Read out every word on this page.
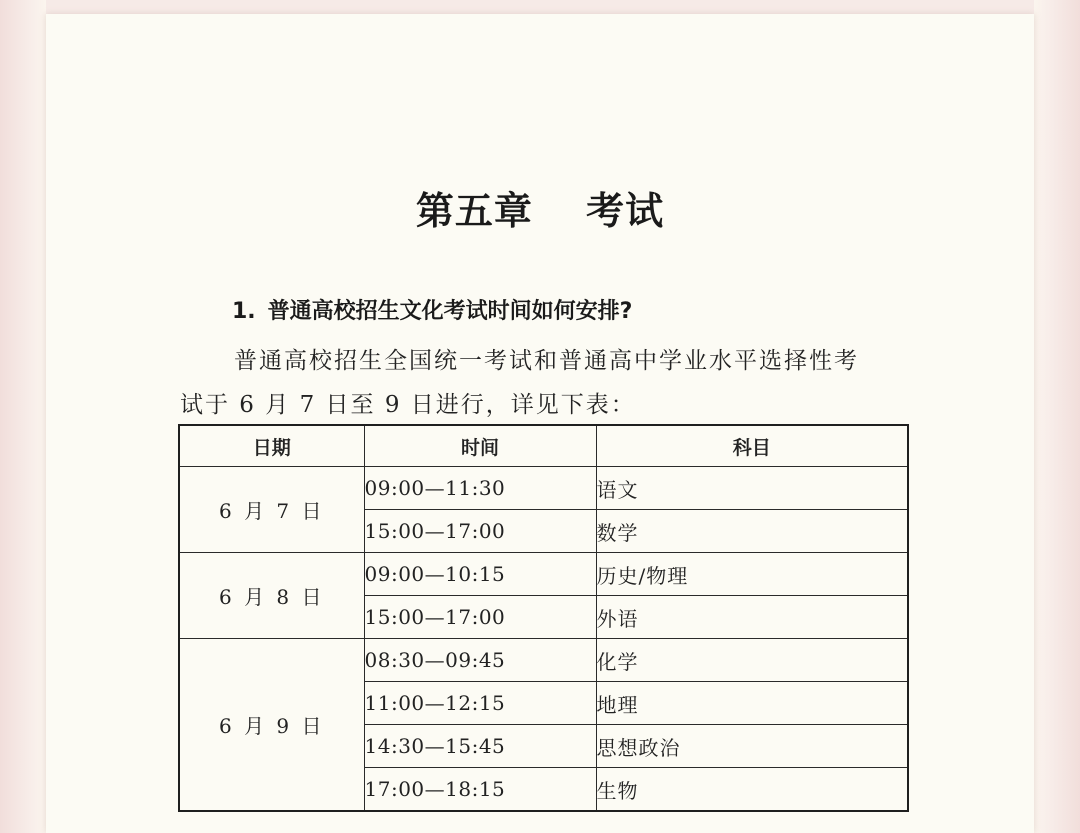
第五章　 考试
1. 普通高校招生文化考试时间如何安排?
普通高校招生全国统一考试和普通高中学业水平选择性考
试于 6 月 7 日至 9 日进行，详见下表：
日期	时间	科目
6 月 7 日	09:00—11:30	语文
	15:00—17:00	数学
6 月 8 日	09:00—10:15	历史/物理
	15:00—17:00	外语
6 月 9 日	08:30—09:45	化学
	11:00—12:15	地理
	14:30—15:45	思想政治
	17:00—18:15	生物
